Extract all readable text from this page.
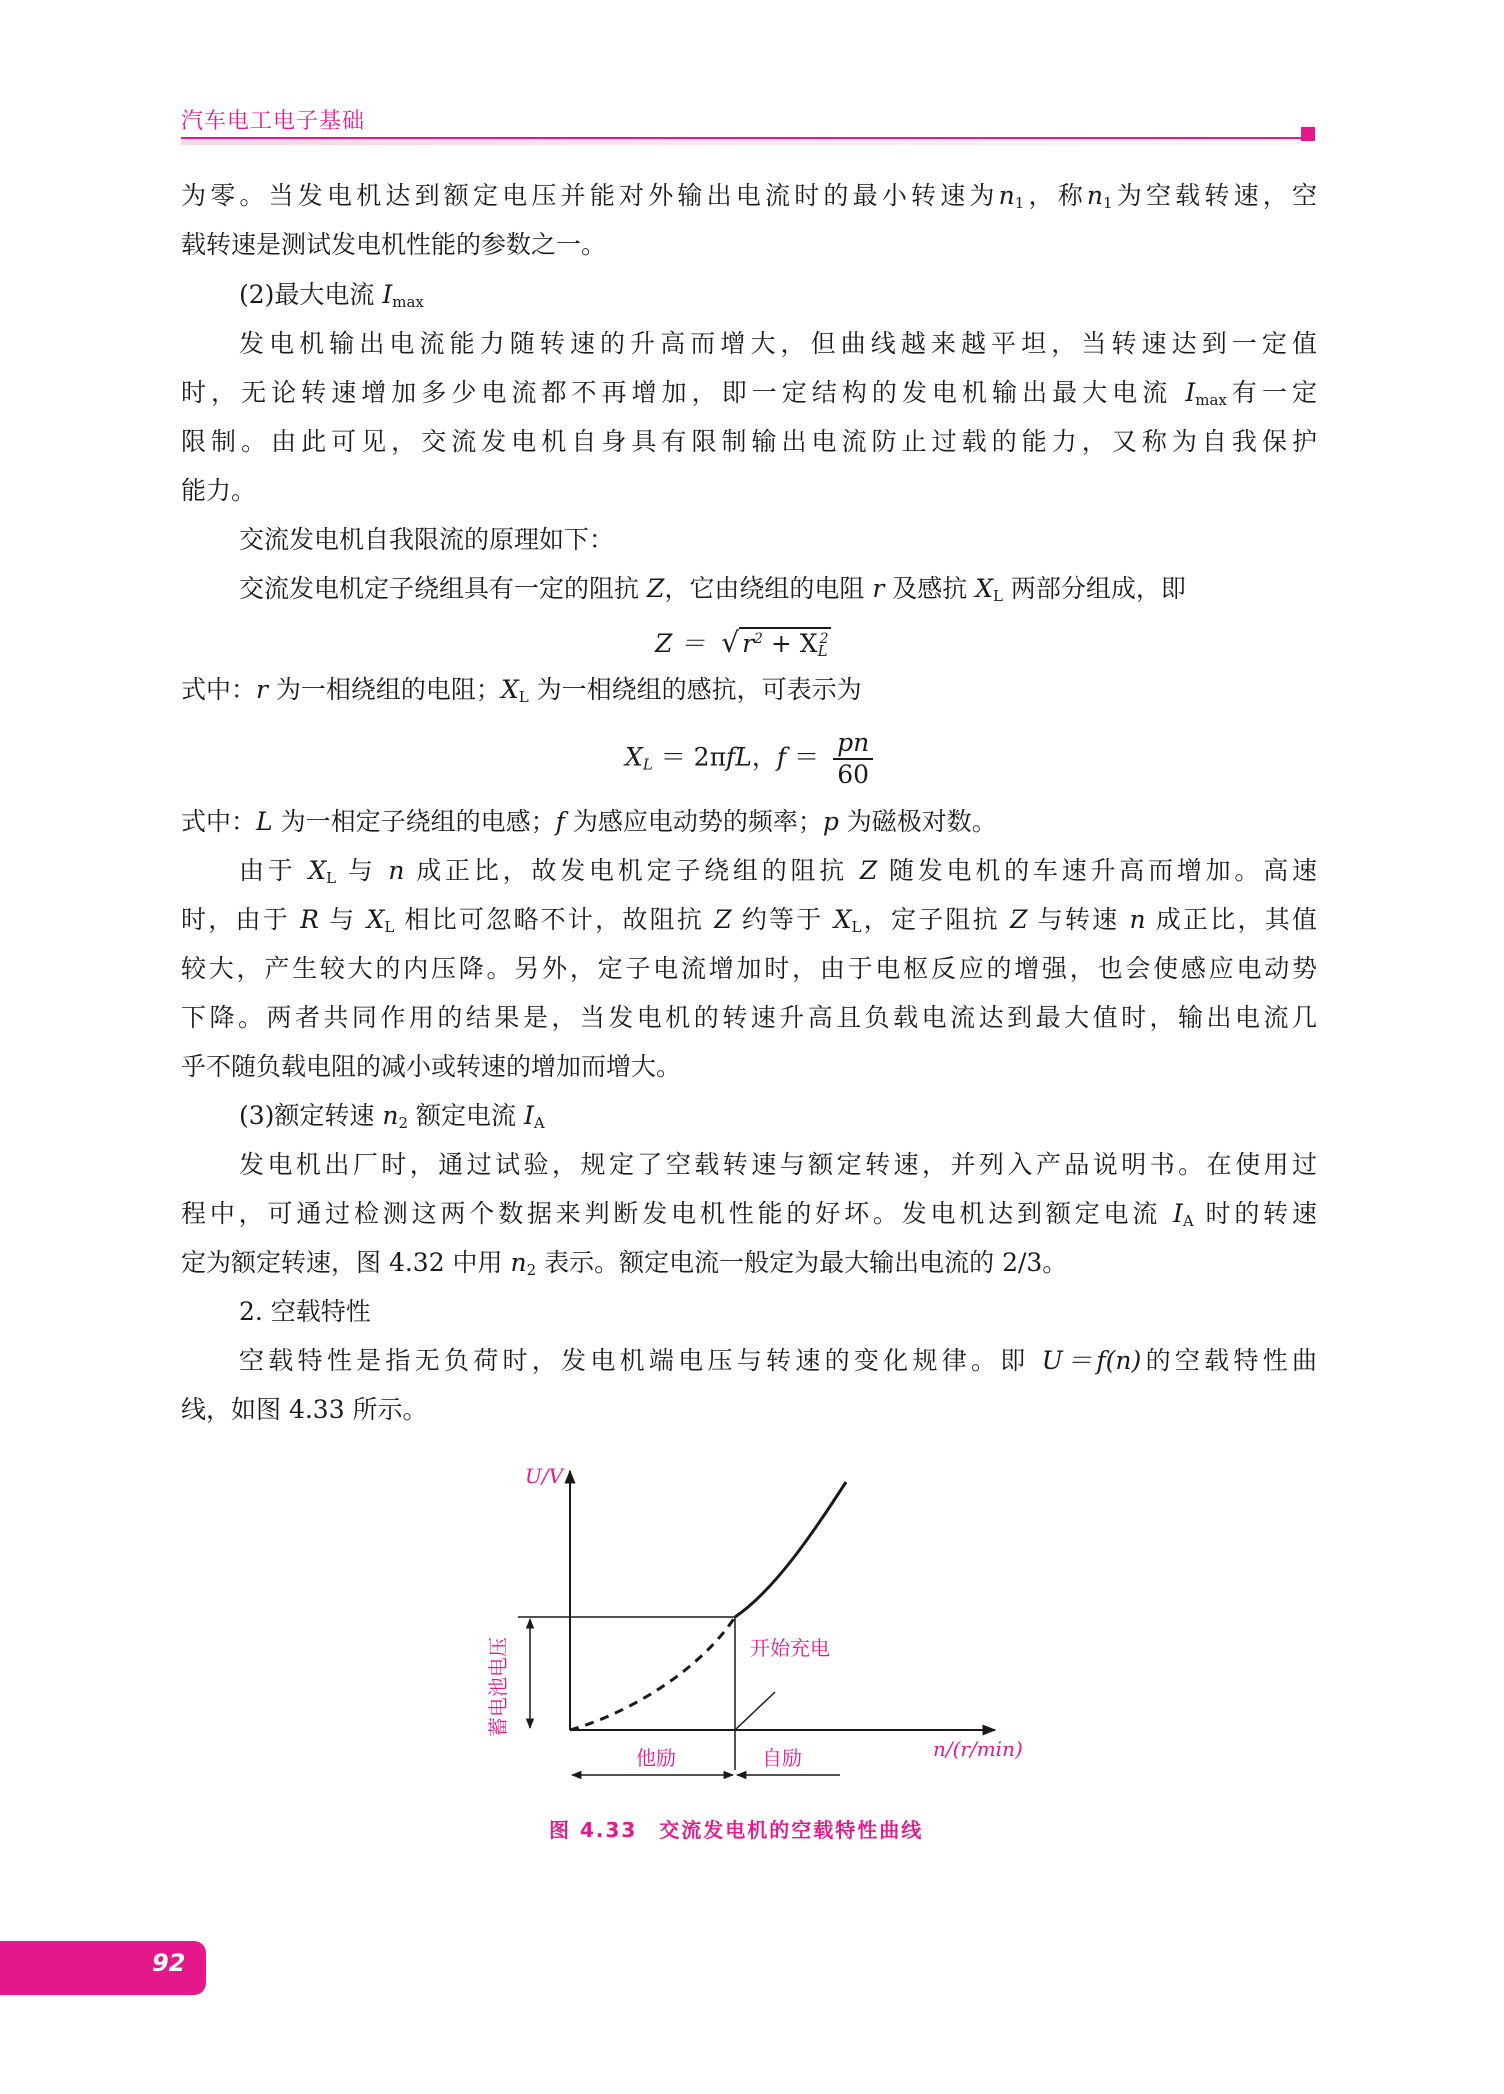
汽车电工电子基础
为零。当发电机达到额定电压并能对外输出电流时的最小转速为$n_1$，称$n_1$为空载转速，空
载转速是测试发电机性能的参数之一。
(2)最大电流 $I_{max}$
发电机输出电流能力随转速的升高而增大，但曲线越来越平坦，当转速达到一定值
时，无论转速增加多少电流都不再增加，即一定结构的发电机输出最大电流 $I_{max}$有一定
限制。由此可见，交流发电机自身具有限制输出电流防止过载的能力，又称为自我保护
能力。
交流发电机自我限流的原理如下：
交流发电机定子绕组具有一定的阻抗 Z，它由绕组的电阻 r 及感抗 $X_L$ 两部分组成，即
Z ＝ √ $r^2 + X_L^2$
式中：r 为一相绕组的电阻；$X_L$ 为一相绕组的感抗，可表示为
$X_L = 2\pi fL$，$f = \frac{pn}{60}$
式中：L 为一相定子绕组的电感；f 为感应电动势的频率；p 为磁极对数。
由于 $X_L$ 与 n 成正比，故发电机定子绕组的阻抗 Z 随发电机的车速升高而增加。高速
时，由于 R 与 $X_L$ 相比可忽略不计，故阻抗 Z 约等于 $X_L$，定子阻抗 Z 与转速 n 成正比，其值
较大，产生较大的内压降。另外，定子电流增加时，由于电枢反应的增强，也会使感应电动势
下降。两者共同作用的结果是，当发电机的转速升高且负载电流达到最大值时，输出电流几
乎不随负载电阻的减小或转速的增加而增大。
(3)额定转速 $n_2$ 额定电流 $I_A$
发电机出厂时，通过试验，规定了空载转速与额定转速，并列入产品说明书。在使用过
程中，可通过检测这两个数据来判断发电机性能的好坏。发电机达到额定电流 $I_A$ 时的转速
定为额定转速，图 4.32 中用 $n_2$ 表示。额定电流一般定为最大输出电流的 2/3。
2. 空载特性
空载特性是指无负荷时，发电机端电压与转速的变化规律。即 U＝f(n)的空载特性曲
线，如图 4.33 所示。
U/V
n/(r/min)
蓄电池电压	开始充电
他励	自励
图 4.33　交流发电机的空载特性曲线
92
